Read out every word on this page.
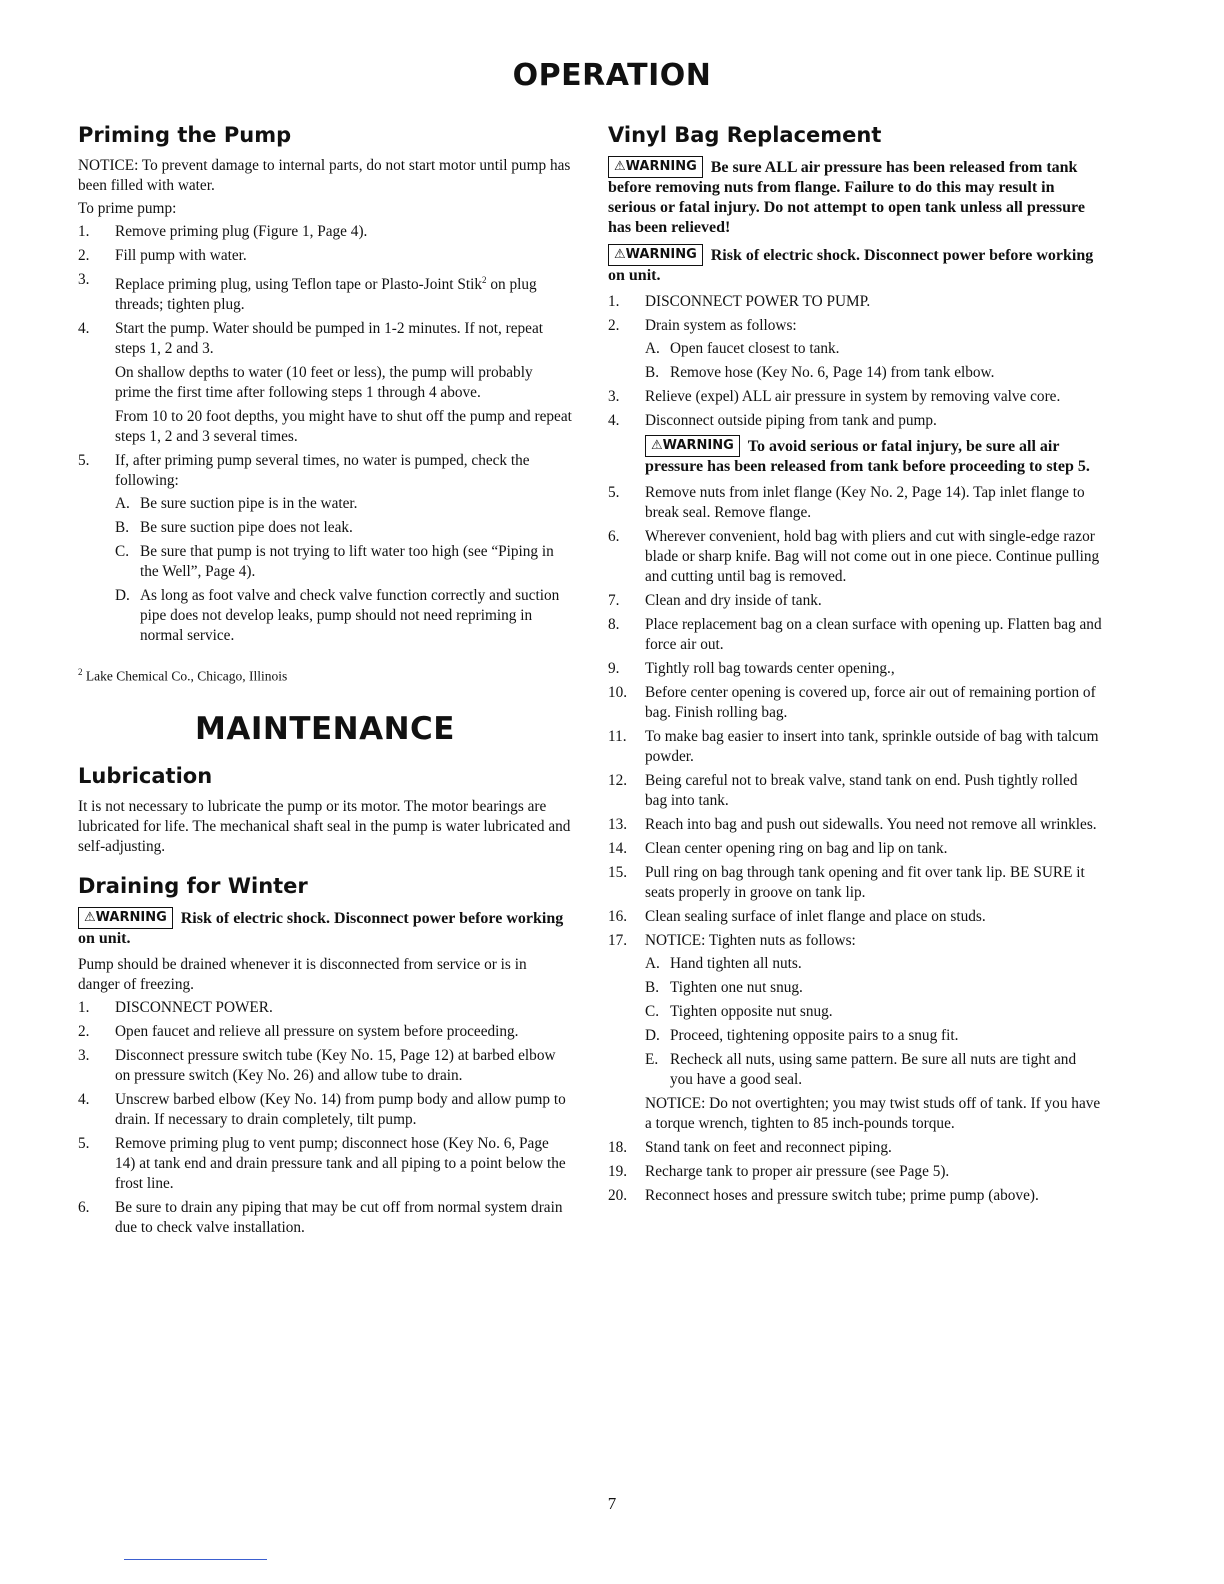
OPERATION
Priming the Pump

NOTICE: To prevent damage to internal parts, do not start motor until pump has been filled with water.

To prime pump:

1.	Remove priming plug (Figure 1, Page 4).
2.	Fill pump with water.
3.	Replace priming plug, using Teflon tape or Plasto-Joint Stik$^2$ on plug threads; tighten plug.
4.	Start the pump. Water should be pumped in 1-2 minutes. If not, repeat steps 1, 2 and 3.

On shallow depths to water (10 feet or less), the pump will probably prime the first time after following steps 1 through 4 above.

From 10 to 20 foot depths, you might have to shut off the pump and repeat steps 1, 2 and 3 several times.

5.	If, after priming pump several times, no water is pumped, check the following:
A. Be sure suction pipe is in the water.
B. Be sure suction pipe does not leak.
C. Be sure that pump is not trying to lift water too high (see “Piping in the Well”, Page 4).
D. As long as foot valve and check valve function correctly and suction pipe does not develop leaks, pump should not need repriming in normal service.

$^2$ Lake Chemical Co., Chicago, Illinois

MAINTENANCE
Lubrication

It is not necessary to lubricate the pump or its motor. The motor bearings are lubricated for life. The mechanical shaft seal in the pump is water lubricated and self-adjusting.

Draining for Winter

⚠WARNING Risk of electric shock. Disconnect power before working on unit.

Pump should be drained whenever it is disconnected from service or is in danger of freezing.

1.	DISCONNECT POWER.
2.	Open faucet and relieve all pressure on system before proceeding.
3.	Disconnect pressure switch tube (Key No. 15, Page 12) at barbed elbow on pressure switch (Key No. 26) and allow tube to drain.
4.	Unscrew barbed elbow (Key No. 14) from pump body and allow pump to drain. If necessary to drain completely, tilt pump.
5.	Remove priming plug to vent pump; disconnect hose (Key No. 6, Page 14) at tank end and drain pressure tank and all piping to a point below the frost line.
6.	Be sure to drain any piping that may be cut off from normal system drain due to check valve installation.
Vinyl Bag Replacement

⚠WARNING Be sure ALL air pressure has been released from tank before removing nuts from flange. Failure to do this may result in serious or fatal injury. Do not attempt to open tank unless all pressure has been relieved!

⚠WARNING Risk of electric shock. Disconnect power before working on unit.

1.	DISCONNECT POWER TO PUMP.
2.	Drain system as follows:
A. Open faucet closest to tank.
B. Remove hose (Key No. 6, Page 14) from tank elbow.
3.	Relieve (expel) ALL air pressure in system by removing valve core.
4.	Disconnect outside piping from tank and pump.

⚠WARNING To avoid serious or fatal injury, be sure all air pressure has been released from tank before proceeding to step 5.

5.	Remove nuts from inlet flange (Key No. 2, Page 14). Tap inlet flange to break seal. Remove flange.
6.	Wherever convenient, hold bag with pliers and cut with single-edge razor blade or sharp knife. Bag will not come out in one piece. Continue pulling and cutting until bag is removed.
7.	Clean and dry inside of tank.
8.	Place replacement bag on a clean surface with opening up. Flatten bag and force air out.
9.	Tightly roll bag towards center opening.,
10.	Before center opening is covered up, force air out of remaining portion of bag. Finish rolling bag.
11.	To make bag easier to insert into tank, sprinkle outside of bag with talcum powder.
12.	Being careful not to break valve, stand tank on end. Push tightly rolled bag into tank.
13.	Reach into bag and push out sidewalls. You need not remove all wrinkles.
14.	Clean center opening ring on bag and lip on tank.
15.	Pull ring on bag through tank opening and fit over tank lip. BE SURE it seats properly in groove on tank lip.
16.	Clean sealing surface of inlet flange and place on studs.
17.	NOTICE: Tighten nuts as follows:
A. Hand tighten all nuts.
B. Tighten one nut snug.
C. Tighten opposite nut snug.
D. Proceed, tightening opposite pairs to a snug fit.
E. Recheck all nuts, using same pattern. Be sure all nuts are tight and you have a good seal.

NOTICE: Do not overtighten; you may twist studs off of tank. If you have a torque wrench, tighten to 85 inch-pounds torque.

18.	Stand tank on feet and reconnect piping.
19.	Recharge tank to proper air pressure (see Page 5).
20.	Reconnect hoses and pressure switch tube; prime pump (above).
7
